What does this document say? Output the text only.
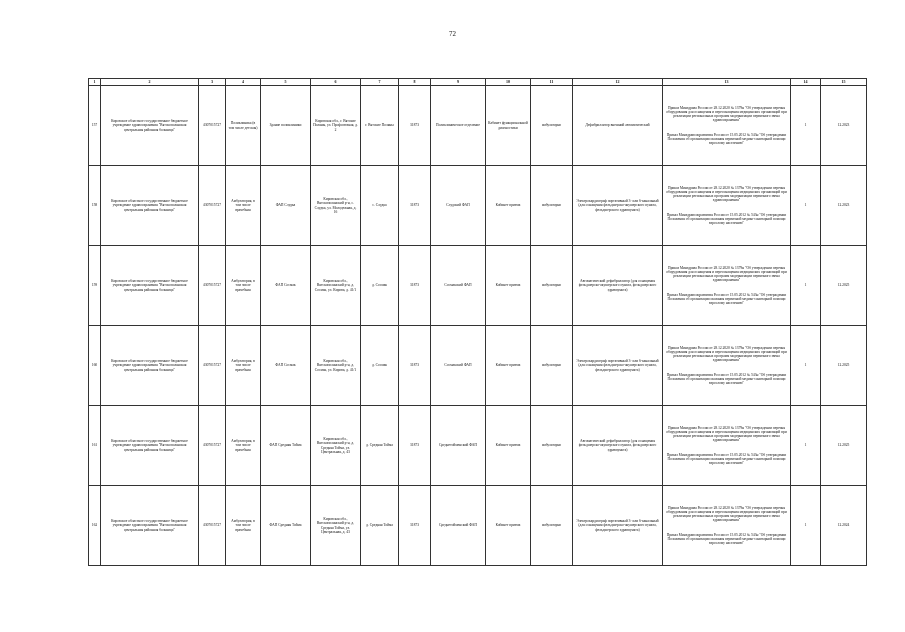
72
1	2	3	4	5	6	7	8	9	10	11	12	13	14	15
157	Кировское областное государственное бюджетное учреждение здравоохранения "Вятскополянская центральная районная больница"	4307015727	Поликлиника (в том числе детская)	Здание поликлиники	Кировская обл., г. Вятские Поляны, ул. Профсоюзная, д. 2	г. Вятские Поляны	31873	Поликлиническое отделение	Кабинет функциональной диагностики	амбулаторно	Дефибриллятор внешний автоматический	Приказ Минздрава России от 28.12.2020 № 1379н "Об утверждении перечня оборудования для оснащения и переоснащения медицинских организаций при реализации региональных программ модернизации первичного звена здравоохранения"

Приказ Минздравсоцразвития России от 15.05.2012 № 543н "Об утверждении Положения об организации оказания первичной медико-санитарной помощи взрослому населению"	1	12.2023
158	Кировское областное государственное бюджетное учреждение здравоохранения "Вятскополянская центральная районная больница"	4307015727	Амбулатория, в том числе врачебная	ФАП Слудка	Кировская обл., Вятскополянский р-н, с. Слудка, ул. Молодежная, д. 16	с. Слудка	31873	Слудский ФАП	Кабинет приема	амбулаторно	Электрокардиограф портативный 3- или 6-канальный (для оснащения фельдшерско-акушерского пункта, фельдшерского здравпункта)	Приказ Минздрава России от 28.12.2020 № 1379н "Об утверждении перечня оборудования для оснащения и переоснащения медицинских организаций при реализации региональных программ модернизации первичного звена здравоохранения"

Приказ Минздравсоцразвития России от 15.05.2012 № 543н "Об утверждении Положения об организации оказания первичной медико-санитарной помощи взрослому населению"	1	12.2023
159	Кировское областное государственное бюджетное учреждение здравоохранения "Вятскополянская центральная районная больница"	4307015727	Амбулатория, в том числе врачебная	ФАП Сосмак	Кировская обл., Вятскополянский р-н, д. Сосмак, ул. Кирова, д. 41/1	д. Сосмак	31873	Сосмакский ФАП	Кабинет приема	амбулаторно	Автоматический дефибриллятор (для оснащения фельдшерско-акушерского пункта, фельдшерского здравпункта)	Приказ Минздрава России от 28.12.2020 № 1379н "Об утверждении перечня оборудования для оснащения и переоснащения медицинских организаций при реализации региональных программ модернизации первичного звена здравоохранения"

Приказ Минздравсоцразвития России от 15.05.2012 № 543н "Об утверждении Положения об организации оказания первичной медико-санитарной помощи взрослому населению"	1	12.2025
160	Кировское областное государственное бюджетное учреждение здравоохранения "Вятскополянская центральная районная больница"	4307015727	Амбулатория, в том числе врачебная	ФАП Сосмак	Кировская обл., Вятскополянский р-н, д. Сосмак, ул. Кирова, д. 41/1	д. Сосмак	31873	Сосмакский ФАП	Кабинет приема	амбулаторно	Электрокардиограф портативный 3- или 6-канальный (для оснащения фельдшерско-акушерского пункта, фельдшерского здравпункта)	Приказ Минздрава России от 28.12.2020 № 1379н "Об утверждении перечня оборудования для оснащения и переоснащения медицинских организаций при реализации региональных программ модернизации первичного звена здравоохранения"

Приказ Минздравсоцразвития России от 15.05.2012 № 543н "Об утверждении Положения об организации оказания первичной медико-санитарной помощи взрослому населению"	1	12.2025
161	Кировское областное государственное бюджетное учреждение здравоохранения "Вятскополянская центральная районная больница"	4307015727	Амбулатория, в том числе врачебная	ФАП Средняя Тойма	Кировская обл., Вятскополянский р-н, д. Средняя Тойма, ул. Центральная, д. 43	д. Средняя Тойма	31873	Среднетойменский ФАП	Кабинет приема	амбулаторно	Автоматический дефибриллятор (для оснащения фельдшерско-акушерского пункта, фельдшерского здравпункта)	Приказ Минздрава России от 28.12.2020 № 1379н "Об утверждении перечня оборудования для оснащения и переоснащения медицинских организаций при реализации региональных программ модернизации первичного звена здравоохранения"

Приказ Минздравсоцразвития России от 15.05.2012 № 543н "Об утверждении Положения об организации оказания первичной медико-санитарной помощи взрослому населению"	1	12.2025
162	Кировское областное государственное бюджетное учреждение здравоохранения "Вятскополянская центральная районная больница"	4307015727	Амбулатория, в том числе врачебная	ФАП Средняя Тойма	Кировская обл., Вятскополянский р-н, д. Средняя Тойма, ул. Центральная, д. 43	д. Средняя Тойма	31873	Среднетойменский ФАП	Кабинет приема	амбулаторно	Электрокардиограф портативный 3- или 6-канальный (для оснащения фельдшерско-акушерского пункта, фельдшерского здравпункта)	Приказ Минздрава России от 28.12.2020 № 1379н "Об утверждении перечня оборудования для оснащения и переоснащения медицинских организаций при реализации региональных программ модернизации первичного звена здравоохранения"

Приказ Минздравсоцразвития России от 15.05.2012 № 543н "Об утверждении Положения об организации оказания первичной медико-санитарной помощи взрослому населению"	1	12.2024
